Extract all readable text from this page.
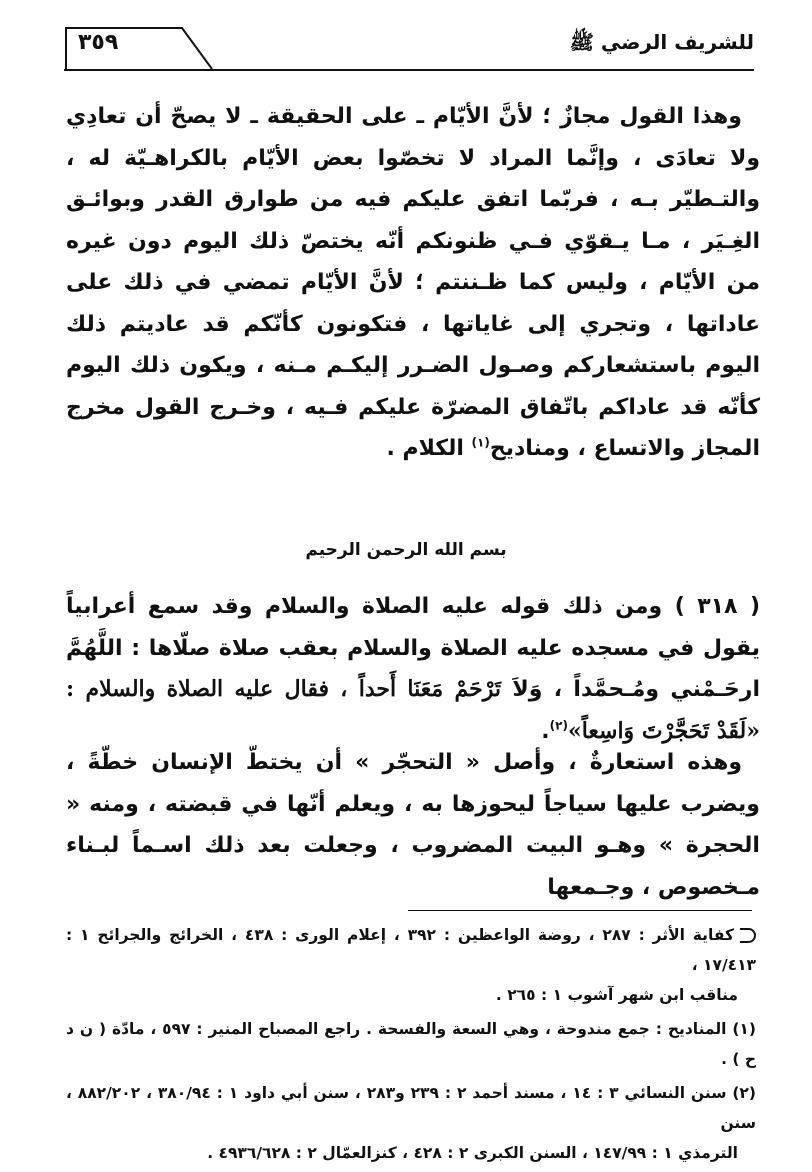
للشريف الرضي ﷺ
٣٥٩
وهذا القول مجازٌ ؛ لأنَّ الأيّام ـ على الحقيقة ـ لا يصحّ أن تعادِي ولا تعادَى ، وإنَّما المراد لا تخصّوا بعض الأيّام بالكراهـيّة له ، والتـطيّر بـه ، فربّما اتفق عليكم فيه من طوارق القدر وبوائـق الغِـيَر ، مـا يـقوّي فـي ظنونكم أنّه يختصّ ذلك اليوم دون غيره من الأيّام ، وليس كما ظـننتم ؛ لأنَّ الأيّام تمضي في ذلك على عاداتها ، وتجري إلى غاياتها ، فتكونون كأنّكم قد عاديتم ذلك اليوم باستشعاركم وصـول الضـرر إليكـم مـنه ، ويكون ذلك اليوم كأنّه قد عاداكم باتّفاق المضرّة عليكم فـيه ، وخـرج القول مخرج المجاز والاتساع ، ومناديح$^{(١)}$ الكلام .
بسم الله الرحمن الرحيم
( ٣١٨ ) ومن ذلك قوله عليه الصلاة والسلام وقد سمع أعرابياً يقول في مسجده عليه الصلاة والسلام بعقب صلاة صلّاها : اللَّهُمَّ ارحَـمْني ومُـحمَّداً ، وَلاَ تَرْحَمْ مَعَنَا أَحداً ، فقال عليه الصلاة والسلام : «لَقَدْ تَحَجَّرْتَ وَاسِعاً»$^{(٢)}$.
وهذه استعارةٌ ، وأصل « التحجّر » أن يختطّ الإنسان خطّةً ، ويضرب عليها سياجاً ليحوزها به ، ويعلم أنّها في قبضته ، ومنه « الحجرة » وهـو البيت المضروب ، وجعلت بعد ذلك اسـماً لبـناء مـخصوص ، وجـمعها
كفاية الأثر : ٢٨٧ ، روضة الواعظين : ٣٩٢ ، إعلام الورى : ٤٣٨ ، الخرائج والجرائح ١ : ١٧/٤١٣ ،
مناقب ابن شهر آشوب ١ : ٢٦٥ .
(١) المناديح : جمع مندوحة ، وهي السعة والفسحة . راجع المصباح المنير : ٥٩٧ ، مادّة ( ن د ح ) .
(٢) سنن النسائي ٣ : ١٤ ، مسند أحمد ٢ : ٢٣٩ و٢٨٣ ، سنن أبي داود ١ : ٣٨٠/٩٤ ، ٨٨٢/٢٠٢ ، سنن
الترمذي ١ : ١٤٧/٩٩ ، السنن الكبرى ٢ : ٤٢٨ ، كنزالعمّال ٢ : ٤٩٣٦/٦٢٨ .
